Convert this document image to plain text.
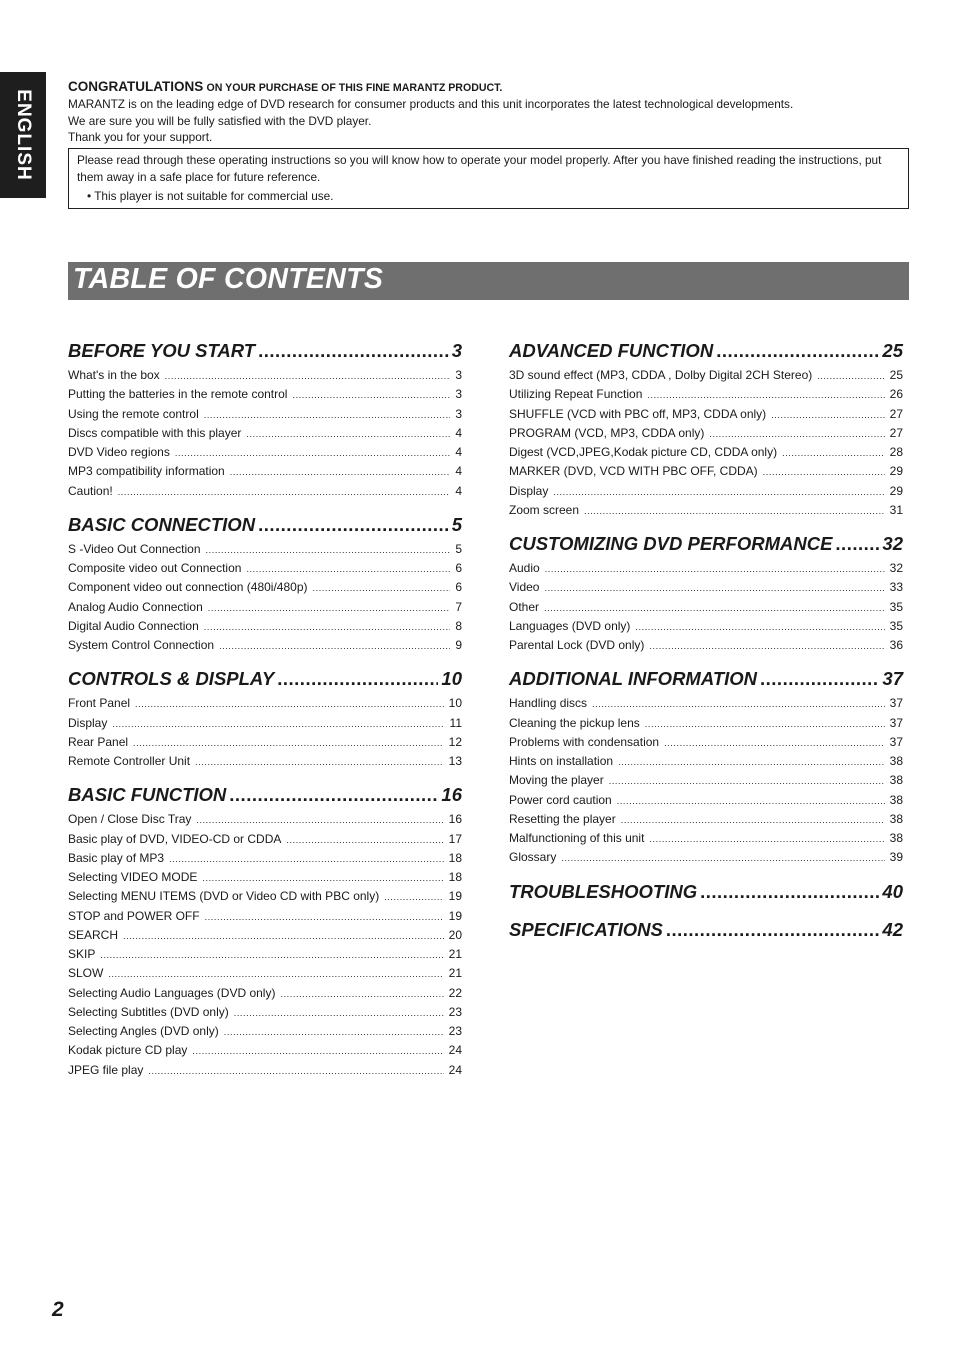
ENGLISH
CONGRATULATIONS ON YOUR PURCHASE OF THIS FINE MARANTZ PRODUCT.
MARANTZ is on the leading edge of DVD research for consumer products and this unit incorporates the latest technological developments.
We are sure you will be fully satisfied with the DVD player.
Thank you for your support.
Please read through these operating instructions so you will know how to operate your model properly. After you have finished reading the instructions, put them away in a safe place for future reference.
• This player is not suitable for commercial use.
TABLE OF CONTENTS
BEFORE YOU START .....	3
What's in the box .....	3
Putting the batteries in the remote control .....	3
Using the remote control .....	3
Discs compatible with this player .....	4
DVD Video regions .....	4
MP3 compatibility information .....	4
Caution! .....	4
BASIC CONNECTION .....	5
S -Video Out Connection .....	5
Composite video out Connection .....	6
Component video out connection (480i/480p) .....	6
Analog Audio Connection .....	7
Digital Audio Connection .....	8
System Control Connection .....	9
CONTROLS & DISPLAY .....	10
Front Panel .....	10
Display .....	11
Rear Panel .....	12
Remote Controller Unit .....	13
BASIC FUNCTION .....	16
Open / Close Disc Tray .....	16
Basic play of DVD, VIDEO-CD or CDDA .....	17
Basic play of MP3 .....	18
Selecting VIDEO MODE .....	18
Selecting MENU ITEMS (DVD or Video CD with PBC only) .....	19
STOP and POWER OFF .....	19
SEARCH .....	20
SKIP .....	21
SLOW .....	21
Selecting Audio Languages (DVD only) .....	22
Selecting Subtitles (DVD only) .....	23
Selecting Angles (DVD only) .....	23
Kodak picture CD play .....	24
JPEG file play .....	24
ADVANCED FUNCTION .....	25
3D sound effect (MP3, CDDA , Dolby Digital 2CH Stereo) .....	25
Utilizing Repeat Function .....	26
SHUFFLE (VCD with PBC off, MP3, CDDA only) .....	27
PROGRAM (VCD, MP3, CDDA only) .....	27
Digest (VCD,JPEG,Kodak picture CD, CDDA only) .....	28
MARKER (DVD, VCD WITH PBC OFF, CDDA) .....	29
Display .....	29
Zoom screen .....	31
CUSTOMIZING DVD PERFORMANCE .....	32
Audio .....	32
Video .....	33
Other .....	35
Languages (DVD only) .....	35
Parental Lock (DVD only) .....	36
ADDITIONAL INFORMATION .....	37
Handling discs .....	37
Cleaning the pickup lens .....	37
Problems with condensation .....	37
Hints on installation .....	38
Moving the player .....	38
Power cord caution .....	38
Resetting the player .....	38
Malfunctioning of this unit .....	38
Glossary .....	39
TROUBLESHOOTING .....	40
SPECIFICATIONS .....	42
2
